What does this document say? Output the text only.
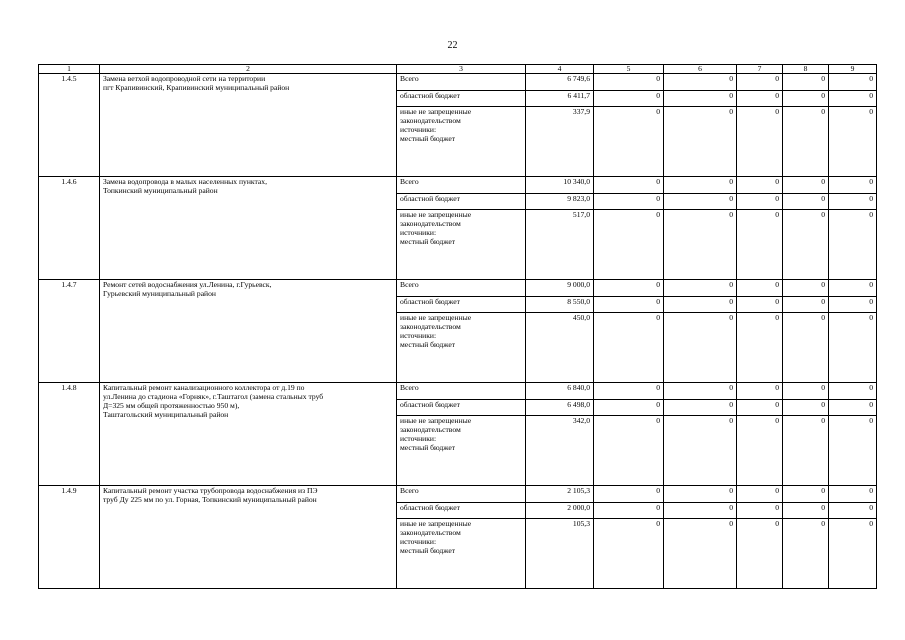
22
1	2	3	4	5	6	7	8	9
1.4.5	Замена ветхой водопроводной сети на территории
пгт Крапивинский, Крапивинский муниципальный район	Всего	6 749,6	0	0	0	0	0
		областной бюджет	6 411,7	0	0	0	0	0
		иные не запрещенные
законодательством
источники:
местный бюджет	337,9	0	0	0	0	0
1.4.6	Замена водопровода в малых населенных пунктах,
Топкинский муниципальный район	Всего	10 340,0	0	0	0	0	0
		областной бюджет	9 823,0	0	0	0	0	0
		иные не запрещенные
законодательством
источники:
местный бюджет	517,0	0	0	0	0	0
1.4.7	Ремонт сетей водоснабжения ул.Ленина, г.Гурьевск,
Гурьевский муниципальный район	Всего	9 000,0	0	0	0	0	0
		областной бюджет	8 550,0	0	0	0	0	0
		иные не запрещенные
законодательством
источники:
местный бюджет	450,0	0	0	0	0	0
1.4.8	Капитальный ремонт канализационного коллектора от д.19 по
ул.Ленина до стадиона «Горняк», г.Таштагол (замена стальных труб
Д=325 мм общей протяженностью 950 м),
Таштагольский муниципальный район	Всего	6 840,0	0	0	0	0	0
		областной бюджет	6 498,0	0	0	0	0	0
		иные не запрещенные
законодательством
источники:
местный бюджет	342,0	0	0	0	0	0
1.4.9	Капитальный ремонт участка трубопровода водоснабжения из ПЭ
труб Ду 225 мм по ул. Горная, Топкинский муниципальный район	Всего	2 105,3	0	0	0	0	0
		областной бюджет	2 000,0	0	0	0	0	0
		иные не запрещенные
законодательством
источники:
местный бюджет	105,3	0	0	0	0	0
